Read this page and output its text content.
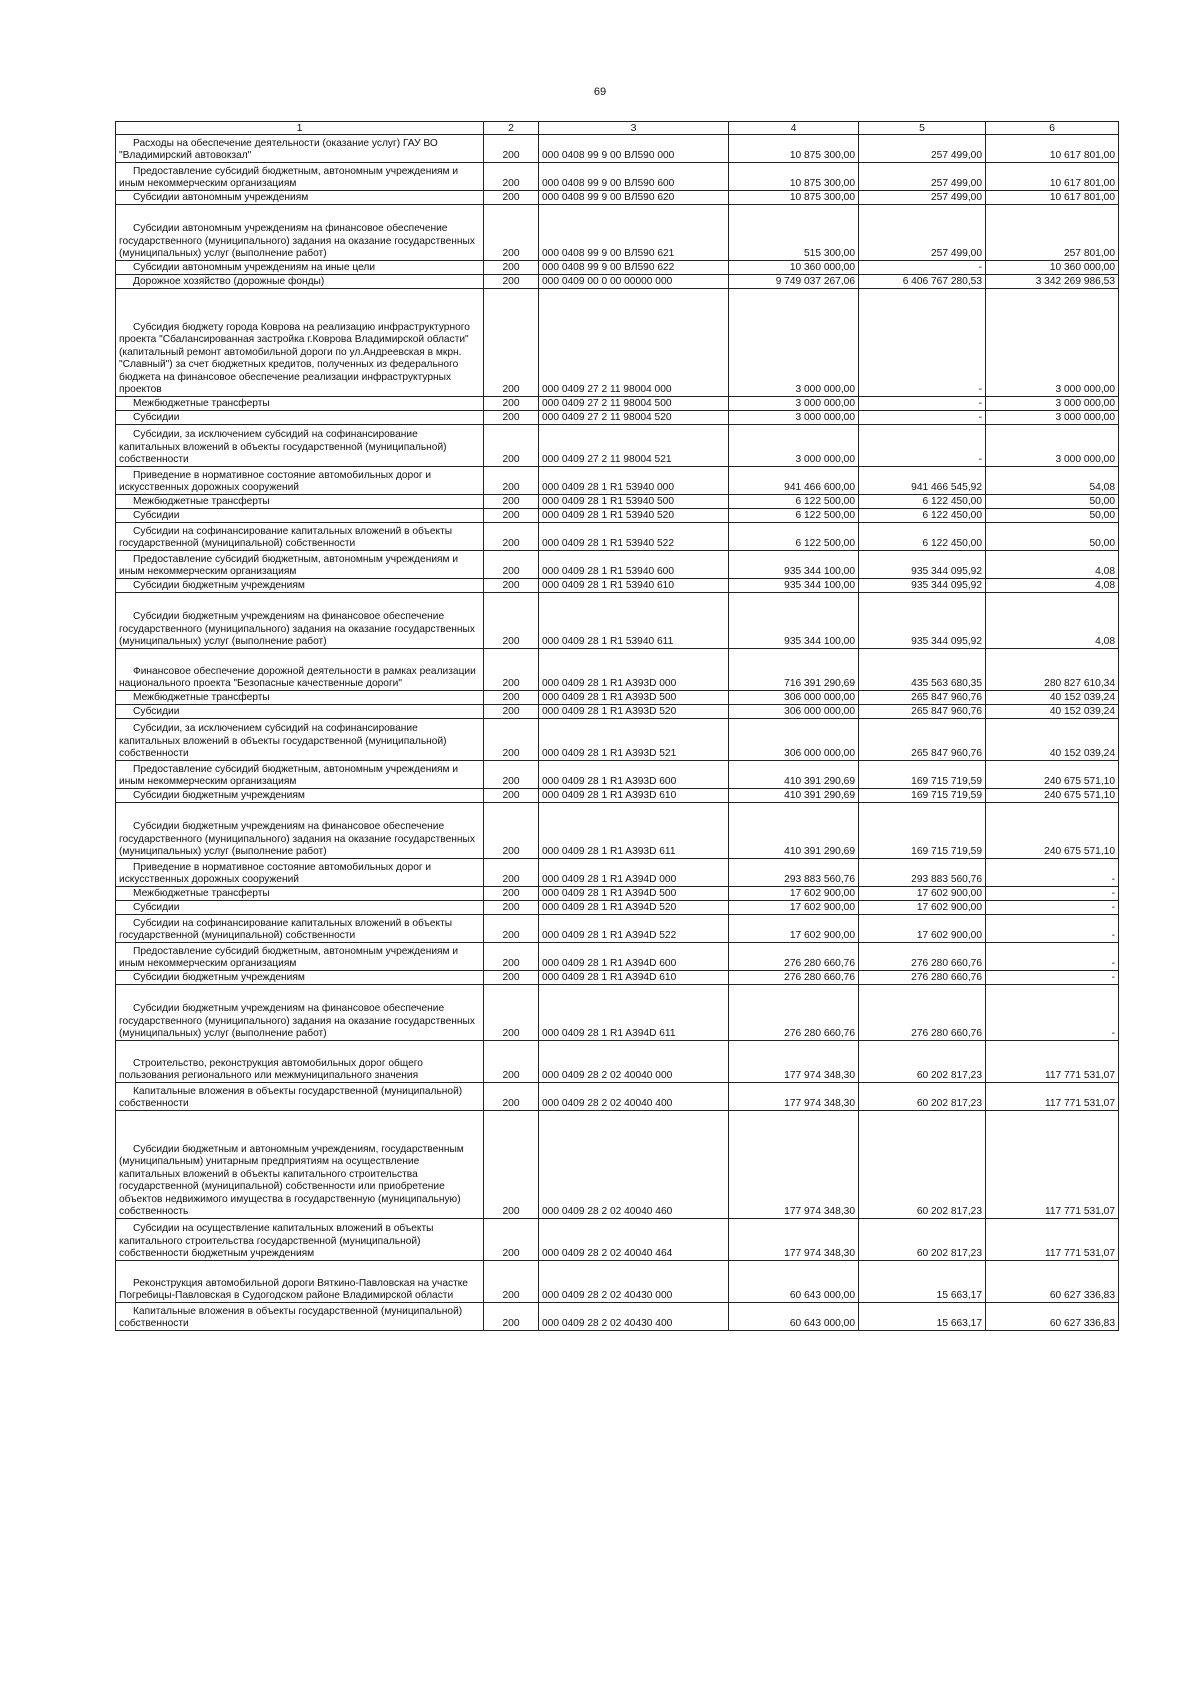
69
1	2	3	4	5	6
Расходы на обеспечение деятельности (оказание услуг) ГАУ ВО "Владимирский автовокзал"	200	000 0408 99 9 00 ВЛ590 000	10 875 300,00	257 499,00	10 617 801,00
Предоставление субсидий бюджетным, автономным учреждениям и иным некоммерческим организациям	200	000 0408 99 9 00 ВЛ590 600	10 875 300,00	257 499,00	10 617 801,00
Субсидии автономным учреждениям	200	000 0408 99 9 00 ВЛ590 620	10 875 300,00	257 499,00	10 617 801,00
Субсидии автономным учреждениям на финансовое обеспечение государственного (муниципального) задания на оказание государственных (муниципальных) услуг (выполнение работ)	200	000 0408 99 9 00 ВЛ590 621	515 300,00	257 499,00	257 801,00
Субсидии автономным учреждениям на иные цели	200	000 0408 99 9 00 ВЛ590 622	10 360 000,00	-	10 360 000,00
Дорожное хозяйство (дорожные фонды)	200	000 0409 00 0 00 00000 000	9 749 037 267,06	6 406 767 280,53	3 342 269 986,53
Субсидия бюджету города Коврова на реализацию инфраструктурного проекта "Сбалансированная застройка г.Коврова Владимирской области" (капитальный ремонт автомобильной дороги по ул.Андреевская в мкрн. "Славный") за счет бюджетных кредитов, полученных из федерального бюджета на финансовое обеспечение реализации инфраструктурных проектов	200	000 0409 27 2 11 98004 000	3 000 000,00	-	3 000 000,00
Межбюджетные трансферты	200	000 0409 27 2 11 98004 500	3 000 000,00	-	3 000 000,00
Субсидии	200	000 0409 27 2 11 98004 520	3 000 000,00	-	3 000 000,00
Субсидии, за исключением субсидий на софинансирование капитальных вложений в объекты государственной (муниципальной) собственности	200	000 0409 27 2 11 98004 521	3 000 000,00	-	3 000 000,00
Приведение в нормативное состояние автомобильных дорог и искусственных дорожных сооружений	200	000 0409 28 1 R1 53940 000	941 466 600,00	941 466 545,92	54,08
Межбюджетные трансферты	200	000 0409 28 1 R1 53940 500	6 122 500,00	6 122 450,00	50,00
Субсидии	200	000 0409 28 1 R1 53940 520	6 122 500,00	6 122 450,00	50,00
Субсидии на софинансирование капитальных вложений в объекты государственной (муниципальной) собственности	200	000 0409 28 1 R1 53940 522	6 122 500,00	6 122 450,00	50,00
Предоставление субсидий бюджетным, автономным учреждениям и иным некоммерческим организациям	200	000 0409 28 1 R1 53940 600	935 344 100,00	935 344 095,92	4,08
Субсидии бюджетным учреждениям	200	000 0409 28 1 R1 53940 610	935 344 100,00	935 344 095,92	4,08
Субсидии бюджетным учреждениям на финансовое обеспечение государственного (муниципального) задания на оказание государственных (муниципальных) услуг (выполнение работ)	200	000 0409 28 1 R1 53940 611	935 344 100,00	935 344 095,92	4,08
Финансовое обеспечение дорожной деятельности в рамках реализации национального проекта "Безопасные качественные дороги"	200	000 0409 28 1 R1 A393D 000	716 391 290,69	435 563 680,35	280 827 610,34
Межбюджетные трансферты	200	000 0409 28 1 R1 A393D 500	306 000 000,00	265 847 960,76	40 152 039,24
Субсидии	200	000 0409 28 1 R1 A393D 520	306 000 000,00	265 847 960,76	40 152 039,24
Субсидии, за исключением субсидий на софинансирование капитальных вложений в объекты государственной (муниципальной) собственности	200	000 0409 28 1 R1 A393D 521	306 000 000,00	265 847 960,76	40 152 039,24
Предоставление субсидий бюджетным, автономным учреждениям и иным некоммерческим организациям	200	000 0409 28 1 R1 A393D 600	410 391 290,69	169 715 719,59	240 675 571,10
Субсидии бюджетным учреждениям	200	000 0409 28 1 R1 A393D 610	410 391 290,69	169 715 719,59	240 675 571,10
Субсидии бюджетным учреждениям на финансовое обеспечение государственного (муниципального) задания на оказание государственных (муниципальных) услуг (выполнение работ)	200	000 0409 28 1 R1 A393D 611	410 391 290,69	169 715 719,59	240 675 571,10
Приведение в нормативное состояние автомобильных дорог и искусственных дорожных сооружений	200	000 0409 28 1 R1 A394D 000	293 883 560,76	293 883 560,76	-
Межбюджетные трансферты	200	000 0409 28 1 R1 A394D 500	17 602 900,00	17 602 900,00	-
Субсидии	200	000 0409 28 1 R1 A394D 520	17 602 900,00	17 602 900,00	-
Субсидии на софинансирование капитальных вложений в объекты государственной (муниципальной) собственности	200	000 0409 28 1 R1 A394D 522	17 602 900,00	17 602 900,00	-
Предоставление субсидий бюджетным, автономным учреждениям и иным некоммерческим организациям	200	000 0409 28 1 R1 A394D 600	276 280 660,76	276 280 660,76	-
Субсидии бюджетным учреждениям	200	000 0409 28 1 R1 A394D 610	276 280 660,76	276 280 660,76	-
Субсидии бюджетным учреждениям на финансовое обеспечение государственного (муниципального) задания на оказание государственных (муниципальных) услуг (выполнение работ)	200	000 0409 28 1 R1 A394D 611	276 280 660,76	276 280 660,76	-
Строительство, реконструкция автомобильных дорог общего пользования регионального или межмуниципального значения	200	000 0409 28 2 02 40040 000	177 974 348,30	60 202 817,23	117 771 531,07
Капитальные вложения в объекты государственной (муниципальной) собственности	200	000 0409 28 2 02 40040 400	177 974 348,30	60 202 817,23	117 771 531,07
Субсидии бюджетным и автономным учреждениям, государственным (муниципальным) унитарным предприятиям на осуществление капитальных вложений в объекты капитального строительства государственной (муниципальной) собственности или приобретение объектов недвижимого имущества в государственную (муниципальную) собственность	200	000 0409 28 2 02 40040 460	177 974 348,30	60 202 817,23	117 771 531,07
Субсидии на осуществление капитальных вложений в объекты капитального строительства государственной (муниципальной) собственности бюджетным учреждениям	200	000 0409 28 2 02 40040 464	177 974 348,30	60 202 817,23	117 771 531,07
Реконструкция автомобильной дороги Вяткино-Павловская на участке Погребицы-Павловская в Судогодском районе Владимирской области	200	000 0409 28 2 02 40430 000	60 643 000,00	15 663,17	60 627 336,83
Капитальные вложения в объекты государственной (муниципальной) собственности	200	000 0409 28 2 02 40430 400	60 643 000,00	15 663,17	60 627 336,83
